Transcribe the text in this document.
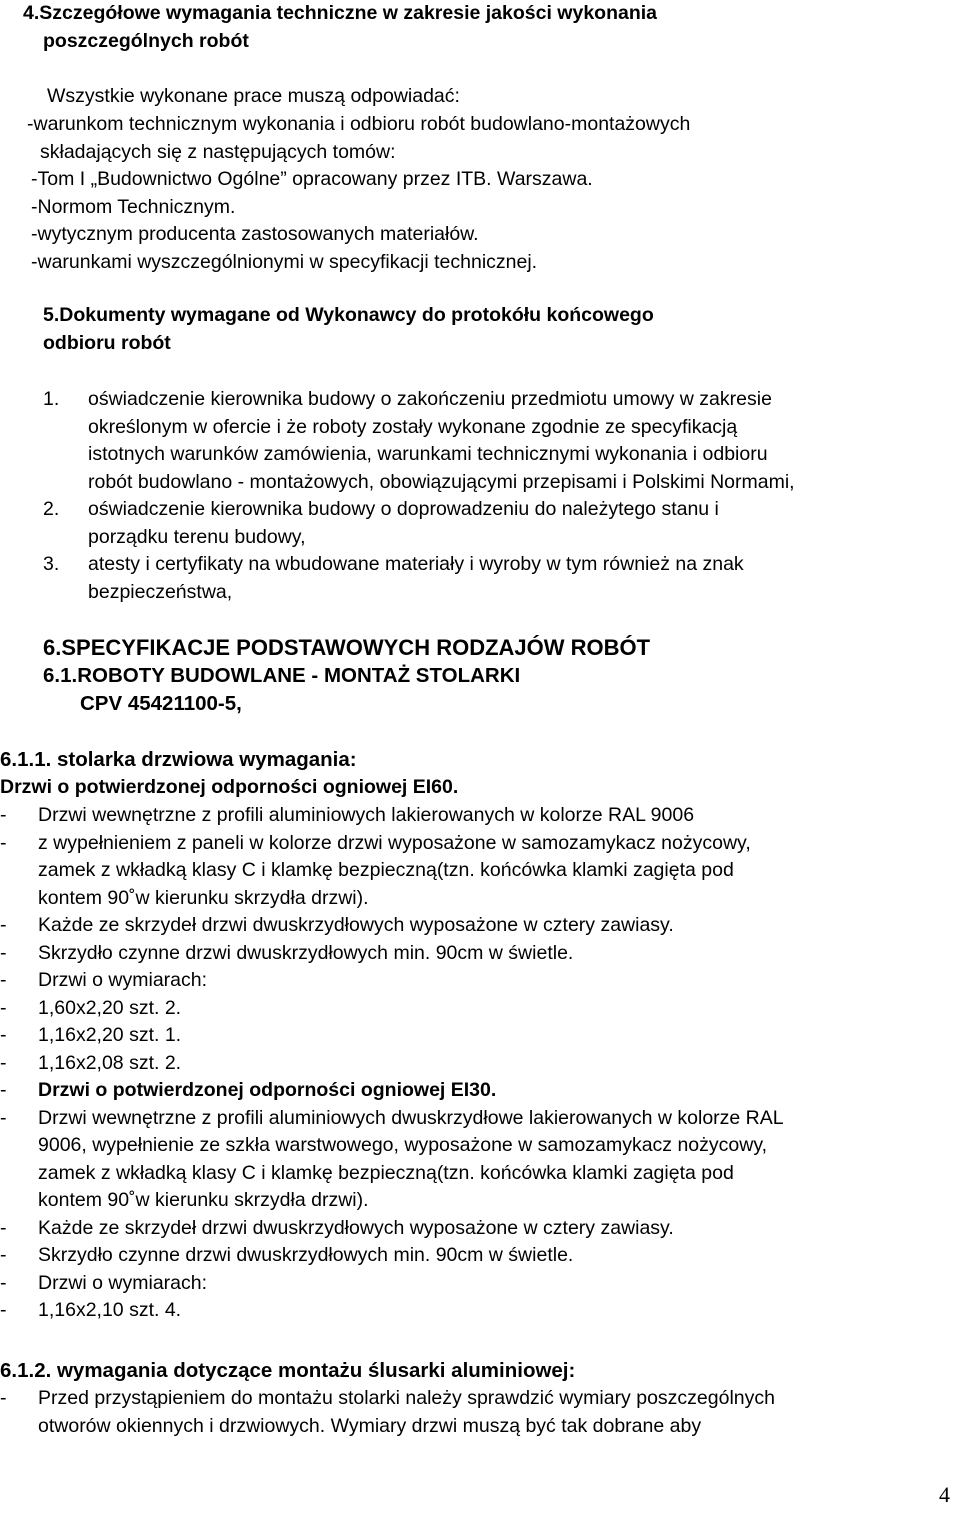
4.Szczegółowe wymagania techniczne w zakresie jakości wykonania
poszczególnych robót
Wszystkie wykonane prace muszą odpowiadać:
-warunkom technicznym wykonania i odbioru robót budowlano-montażowych
składających się z następujących tomów:
-Tom I „Budownictwo Ogólne” opracowany przez ITB. Warszawa.
-Normom Technicznym.
-wytycznym producenta zastosowanych materiałów.
-warunkami wyszczególnionymi w specyfikacji technicznej.
5.Dokumenty wymagane od Wykonawcy do protokółu końcowego
odbioru robót
1. oświadczenie kierownika budowy o zakończeniu przedmiotu umowy w zakresie
określonym w ofercie i że roboty zostały wykonane zgodnie ze specyfikacją
istotnych warunków zamówienia, warunkami technicznymi wykonania i odbioru
robót budowlano - montażowych, obowiązującymi przepisami i Polskimi Normami,
2. oświadczenie kierownika budowy o doprowadzeniu do należytego stanu i
porządku terenu budowy,
3. atesty i certyfikaty na wbudowane materiały i wyroby w tym również na znak
bezpieczeństwa,
6.SPECYFIKACJE PODSTAWOWYCH RODZAJÓW ROBÓT
6.1.ROBOTY BUDOWLANE - MONTAŻ STOLARKI
CPV 45421100-5,
6.1.1. stolarka drzwiowa wymagania:
Drzwi o potwierdzonej odporności ogniowej EI60.
- Drzwi wewnętrzne z profili aluminiowych lakierowanych w kolorze RAL 9006
- z wypełnieniem z paneli w kolorze drzwi wyposażone w samozamykacz nożycowy,
zamek z wkładką klasy C i klamkę bezpieczną(tzn. końcówka klamki zagięta pod
kontem 90˚w kierunku skrzydła drzwi).
- Każde ze skrzydeł drzwi dwuskrzydłowych wyposażone w cztery zawiasy.
- Skrzydło czynne drzwi dwuskrzydłowych min. 90cm w świetle.
- Drzwi o wymiarach:
- 1,60x2,20 szt. 2.
- 1,16x2,20 szt. 1.
- 1,16x2,08 szt. 2.
- Drzwi o potwierdzonej odporności ogniowej EI30.
- Drzwi wewnętrzne z profili aluminiowych dwuskrzydłowe lakierowanych w kolorze RAL
9006, wypełnienie ze szkła warstwowego, wyposażone w samozamykacz nożycowy,
zamek z wkładką klasy C i klamkę bezpieczną(tzn. końcówka klamki zagięta pod
kontem 90˚w kierunku skrzydła drzwi).
- Każde ze skrzydeł drzwi dwuskrzydłowych wyposażone w cztery zawiasy.
- Skrzydło czynne drzwi dwuskrzydłowych min. 90cm w świetle.
- Drzwi o wymiarach:
- 1,16x2,10 szt. 4.
6.1.2. wymagania dotyczące montażu ślusarki aluminiowej:
- Przed przystąpieniem do montażu stolarki należy sprawdzić wymiary poszczególnych
otworów okiennych i drzwiowych. Wymiary drzwi muszą być tak dobrane aby
4
